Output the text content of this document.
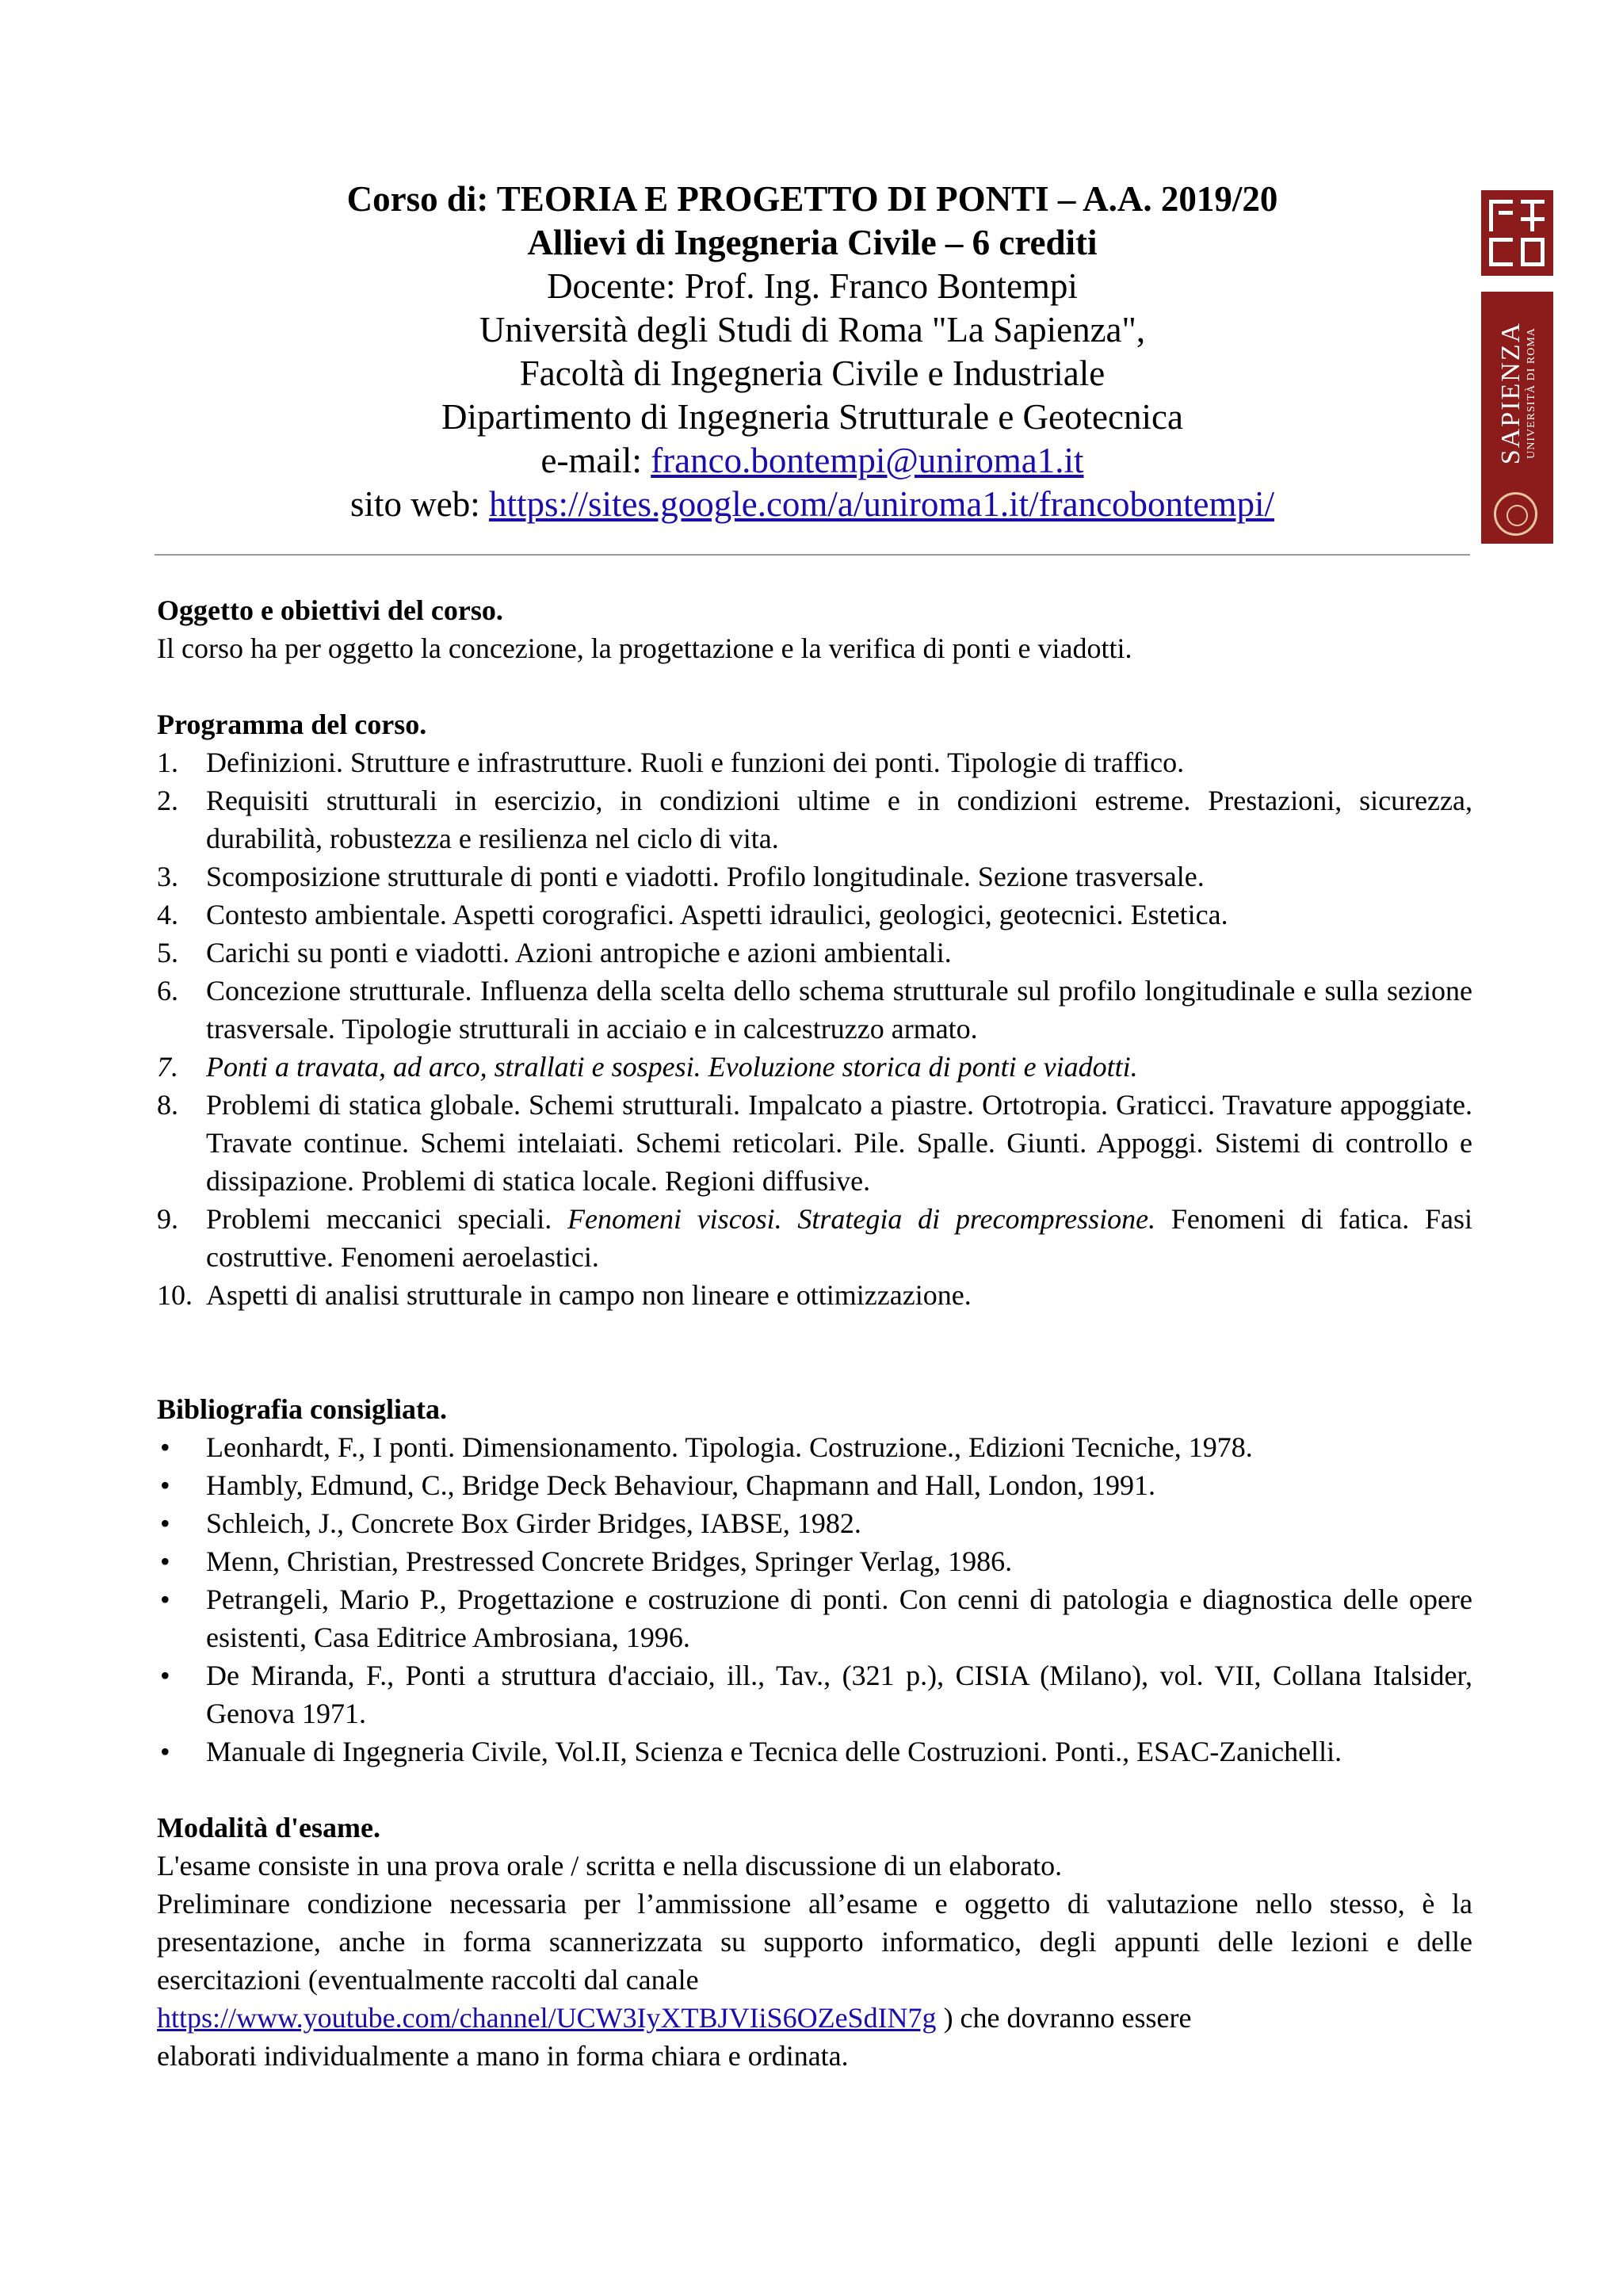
Corso di: TEORIA E PROGETTO DI PONTI – A.A. 2019/20
Allievi di Ingegneria Civile – 6 crediti
Docente: Prof. Ing. Franco Bontempi
Università degli Studi di Roma "La Sapienza",
Facoltà di Ingegneria Civile e Industriale
Dipartimento di Ingegneria Strutturale e Geotecnica
e-mail: franco.bontempi@uniroma1.it
sito web: https://sites.google.com/a/uniroma1.it/francobontempi/
SAPIENZA UNIVERSITÀ DI ROMA
Oggetto e obiettivi del corso.

Il corso ha per oggetto la concezione, la progettazione e la verifica di ponti e viadotti.

Programma del corso.
1. Definizioni. Strutture e infrastrutture. Ruoli e funzioni dei ponti. Tipologie di traffico.
2. Requisiti strutturali in esercizio, in condizioni ultime e in condizioni estreme. Prestazioni, sicurezza, durabilità, robustezza e resilienza nel ciclo di vita.
3. Scomposizione strutturale di ponti e viadotti. Profilo longitudinale. Sezione trasversale.
4. Contesto ambientale. Aspetti corografici. Aspetti idraulici, geologici, geotecnici. Estetica.
5. Carichi su ponti e viadotti. Azioni antropiche e azioni ambientali.
6. Concezione strutturale. Influenza della scelta dello schema strutturale sul profilo longitudinale e sulla sezione trasversale. Tipologie strutturali in acciaio e in calcestruzzo armato.
7. Ponti a travata, ad arco, strallati e sospesi. Evoluzione storica di ponti e viadotti.
8. Problemi di statica globale. Schemi strutturali. Impalcato a piastre. Ortotropia. Graticci. Travature appoggiate. Travate continue. Schemi intelaiati. Schemi reticolari. Pile. Spalle. Giunti. Appoggi. Sistemi di controllo e dissipazione. Problemi di statica locale. Regioni diffusive.
9. Problemi meccanici speciali. Fenomeni viscosi. Strategia di precompressione. Fenomeni di fatica. Fasi costruttive. Fenomeni aeroelastici.
10. Aspetti di analisi strutturale in campo non lineare e ottimizzazione.
Bibliografia consigliata.
• Leonhardt, F., I ponti. Dimensionamento. Tipologia. Costruzione., Edizioni Tecniche, 1978.
• Hambly, Edmund, C., Bridge Deck Behaviour, Chapmann and Hall, London, 1991.
• Schleich, J., Concrete Box Girder Bridges, IABSE, 1982.
• Menn, Christian, Prestressed Concrete Bridges, Springer Verlag, 1986.
• Petrangeli, Mario P., Progettazione e costruzione di ponti. Con cenni di patologia e diagnostica delle opere esistenti, Casa Editrice Ambrosiana, 1996.
• De Miranda, F., Ponti a struttura d'acciaio, ill., Tav., (321 p.), CISIA (Milano), vol. VII, Collana Italsider, Genova 1971.
• Manuale di Ingegneria Civile, Vol.II, Scienza e Tecnica delle Costruzioni. Ponti., ESAC-Zanichelli.
Modalità d'esame.

L'esame consiste in una prova orale / scritta e nella discussione di un elaborato.

Preliminare condizione necessaria per l’ammissione all’esame e oggetto di valutazione nello stesso, è la presentazione, anche in forma scannerizzata su supporto informatico, degli appunti delle lezioni e delle esercitazioni (eventualmente raccolti dal canale

https://www.youtube.com/channel/UCW3IyXTBJVIiS6OZeSdIN7g ) che dovranno essere

elaborati individualmente a mano in forma chiara e ordinata.
